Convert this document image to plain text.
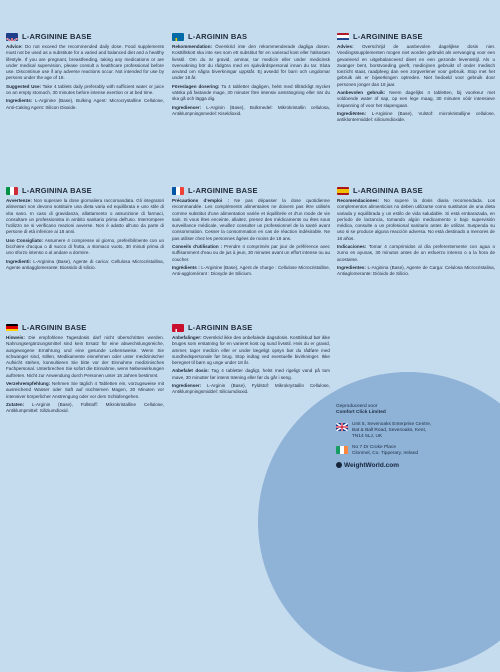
L-ARGININE BASE

Advice: Do not exceed the recommended daily dose. Food supplements must not be used as a substitute for a varied and balanced diet and a healthy lifestyle. If you are pregnant, breastfeeding, taking any medications or are under medical supervision, please consult a healthcare professional before use. Discontinue use if any adverse reactions occur. Not intended for use by persons under the age of 18.

Suggested Use: Take 4 tablets daily preferably with sufficient water or juice on an empty stomach, 30 minutes before intense exertion or at bed time.

Ingredients: L-Arginine (Base), Bulking Agent: Microcrystalline Cellulose, Anti-Caking Agent: Silicon Dioxide.

L-ARGININ BAS

Rekommendation: Överskrid inte den rekommenderade dagliga dosen. Kosttillskott ska inte ses som ett substitut för en varierad kost eller hälsosam livsstil. Om du är gravid, ammar, tar medicin eller under medicinsk övervakning bör du rådgöra med en sjukvårdspersonal innan du tar. Sluta använd om några biverkningar uppstår. Ej avsedd för barn och ungdomar under 18 år.

Föreslagen dosering: Ta 4 tabletter dagligen, helst med tillräckligt mycket vätska på fastande mage, 30 minuter före intensiv ansträngning eller när du ska gå och lägga dig.

Ingredienser: L-Arginin (Base), Bulkmedel: Mikrokristallin cellulosa, Antiklumpningsmedel: Kiseldioxid.

L-ARGININE BASE

Advies: Overschrijd de aanbevolen dagelijkse dosis niet. Voedingssupplementen mogen niet worden gebruikt als vervanging voor een gevarieerd en uitgebalanceerd dieet en een gezonde levensstijl. Als u zwanger bent, borstvoeding geeft, medicijnen gebruikt of onder medisch toezicht staat, raadpleeg dan een zorgverlener voor gebruik. Stop met het gebruik als er bijwerkingen optreden. Niet bedoeld voor gebruik door personen jonger dan 18 jaar.

Aanbevolen gebruik: Neem dagelijks 4 tabletten, bij voorkeur met voldoende water of sap, op een lege maag, 30 minuten vóór intensieve inspanning of voor het slapengaan.

Ingrediënten: L-Arginine (Base), Vulstof: microkristallijne cellulose, antiklontermiddel: siliciumdioxide.

L-ARGININA BASE

Avvertenze: Non superare la dose giornaliera raccomandata. Gli integratori alimentari non devono sostituire una dieta varia ed equilibrata e uno stile di vita sano. In caso di gravidanza, allattamento o assunzione di farmaci, consultare un professionista in ambito sanitario prima dell'uso. Interrompere l'utilizzo se si verificano reazioni avverse. Non è adatto all'uso da parte di persone di età inferiore ai 18 anni.

Uso Consigliato: Assumere 4 compresse al giorno, preferibilmente con un bicchiere d'acqua o di succo di frutta, a stomaco vuoto, 30 minuti prima di uno sforzo intenso o al andare a dormire.

Ingredienti: L-Arginina (Base), Agente di carica: Cellulosa Microcristallina, Agente antiagglomerante: Biossido di silicio.

L-ARGININE BASE

Précautions d'emploi : Ne pas dépasser la dose quotidienne recommandée. Les compléments alimentaires ne doivent pas être utilisés comme substitut d'une alimentation variée et équilibrée et d'un mode de vie sain. Si vous êtes enceinte, allaitez, prenez des médicaments ou êtes sous surveillance médicale, veuillez consulter un professionnel de la santé avant consommation. Cesser la consommation en cas de réaction indésirable. Ne pas utiliser chez les personnes âgées de moins de 18 ans.

Conseils d'utilisation : Prendre 4 comprimés par jour de préférence avec suffisamment d'eau ou de jus à jeun, 30 minutes avant un effort intense ou au coucher.

Ingrédients : L-Arginine (Base), Agent de charge : Cellulose Microcristalline, Anti-agglomérant : Dioxyde de Silicium.

L-ARGININA BASE

Recomendaciones: No supere la dosis diaria recomendada. Los complementos alimenticios no deben utilizarse como sustitutos de una dieta variada y equilibrada y un estilo de vida saludable. Si está embarazada, en período de lactancia, tomando algún medicamento o bajo supervisión médica, consulte a un profesional sanitario antes de utilizar. Suspenda su uso si se produce alguna reacción adversa. No está destinado a menores de 18 años.

Indicaciones: Tomar 4 comprimidos al día preferentemente con agua o zumo en ayunas, 30 minutos antes de un esfuerzo intenso o a la hora de acostarse.

Ingredientes: L-Arginina (Base), Agente de Carga: Celulosa Microcristalina, Antiaglomerante: Dióxido de Silicio.

L-ARGININ BASE

Hinweis: Die empfohlene Tagesdosis darf nicht überschritten werden. Nahrungsergänzungsmittel sind kein Ersatz für eine abwechslungsreiche, ausgewogene Ernährung und eine gesunde Lebensweise. Wenn Sie schwanger sind, stillen, Medikamente einnehmen oder unter medizinischer Aufsicht stehen, konsultieren Sie bitte vor der Einnahme medizinisches Fachpersonal. Unterbrechen Sie sofort die Einnahme, wenn Nebenwirkungen auftreten. Nicht zur Anwendung durch Personen unter 18 Jahren bestimmt.

Verzehrempfehlung: Nehmen Sie täglich 4 Tabletten ein, vorzugsweise mit ausreichend Wasser oder Saft auf nüchternen Magen, 30 Minuten vor intensiver körperlicher Anstrengung oder vor dem Schlafengehen.

Zutaten: L-Arginin (Base), Füllstoff: Mikrokristalline Cellulose, Antiklumpmittel: Siliziumdioxid.

L-ARGININ BASE

Anbefalinger: Overskrid ikke den anbefalede dagsdosis. Kosttilskud bør ikke bruges som erstatning for en varieret kost og sund livsstil. Hvis du er gravid, ammer, tager medicin eller er under lægeligt opsyn bør du rådføre med sundhedspersonale før brug. Stop indtag ved eventuelle bivirkninger. Ikke beregnet til børn og unge under 18 år.

Anbefalet dosis: Tag 4 tabletter dagligt, helst med rigeligt vand på tom mave, 30 minutter før intens træning eller før du går i seng.

Ingredienser: L-Arginin (Base), Fyldstof: Mikrokrystallin Cellulose, Antiklumpningsmiddel: Siliciumdioxid.

Geproduceerd voor
Comfort Click Limited
Unit 5, Sevenoaks Enterprise Centre,
Bat & Ball Road, Sevenoaks, Kent,
TN14 5LJ, UK
No 7 Dr Croke Place
Clonmel, Co. Tipperary, Ireland
WeightWorld.com
